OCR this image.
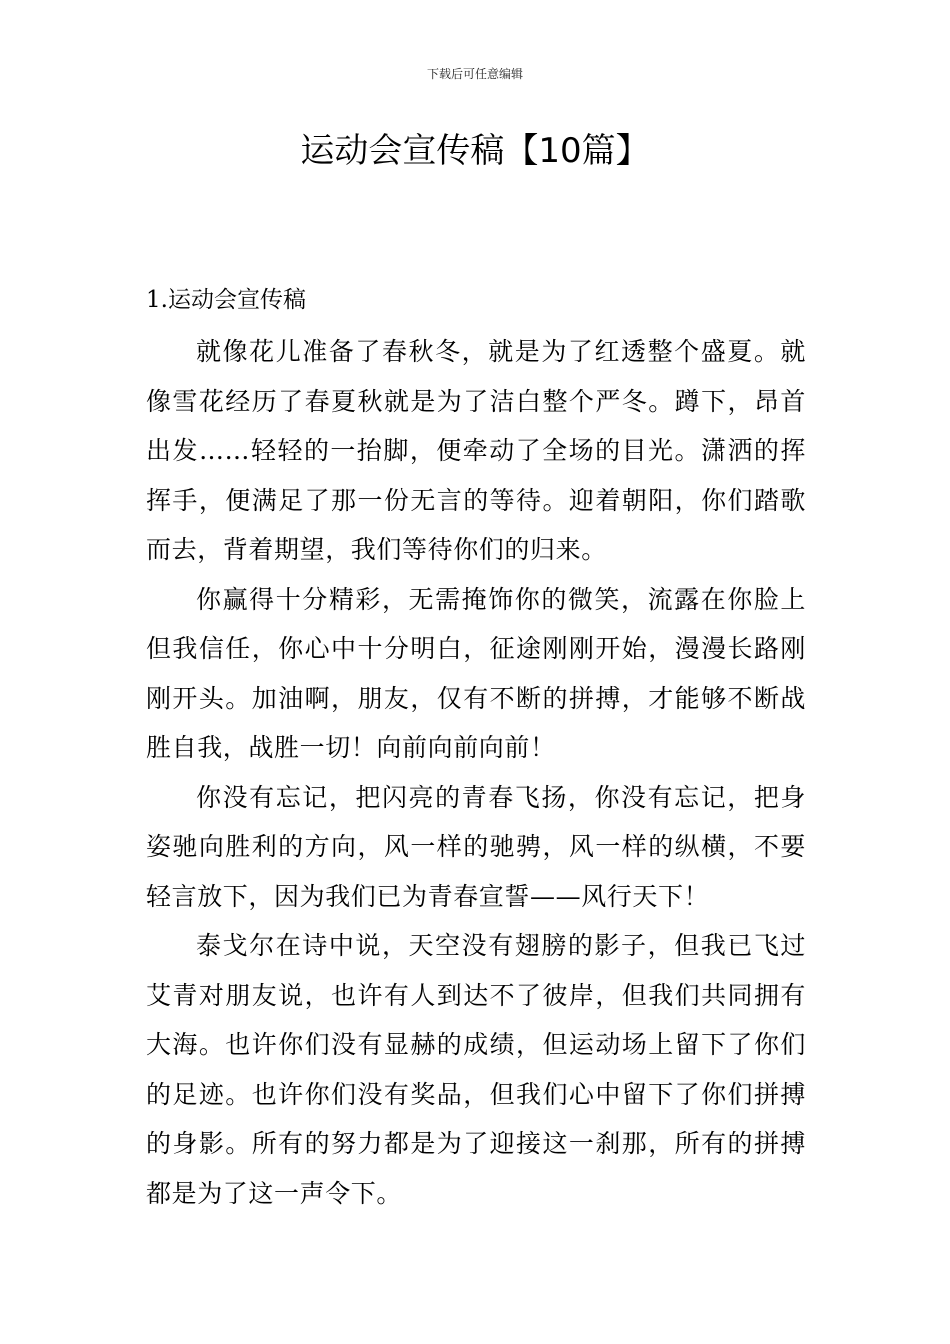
下载后可任意编辑
运动会宣传稿【10篇】
1.运动会宣传稿

就像花儿准备了春秋冬，就是为了红透整个盛夏。就像雪花经历了春夏秋就是为了洁白整个严冬。蹲下，昂首出发……轻轻的一抬脚，便牵动了全场的目光。潇洒的挥挥手，便满足了那一份无言的等待。迎着朝阳，你们踏歌而去，背着期望，我们等待你们的归来。

你赢得十分精彩，无需掩饰你的微笑，流露在你脸上但我信任，你心中十分明白，征途刚刚开始，漫漫长路刚刚开头。加油啊，朋友，仅有不断的拼搏，才能够不断战胜自我，战胜一切！向前向前向前！

你没有忘记，把闪亮的青春飞扬，你没有忘记，把身姿驰向胜利的方向，风一样的驰骋，风一样的纵横，不要轻言放下，因为我们已为青春宣誓——风行天下！

泰戈尔在诗中说，天空没有翅膀的影子，但我已飞过艾青对朋友说，也许有人到达不了彼岸，但我们共同拥有大海。也许你们没有显赫的成绩，但运动场上留下了你们的足迹。也许你们没有奖品，但我们心中留下了你们拼搏的身影。所有的努力都是为了迎接这一刹那，所有的拼搏都是为了这一声令下。
